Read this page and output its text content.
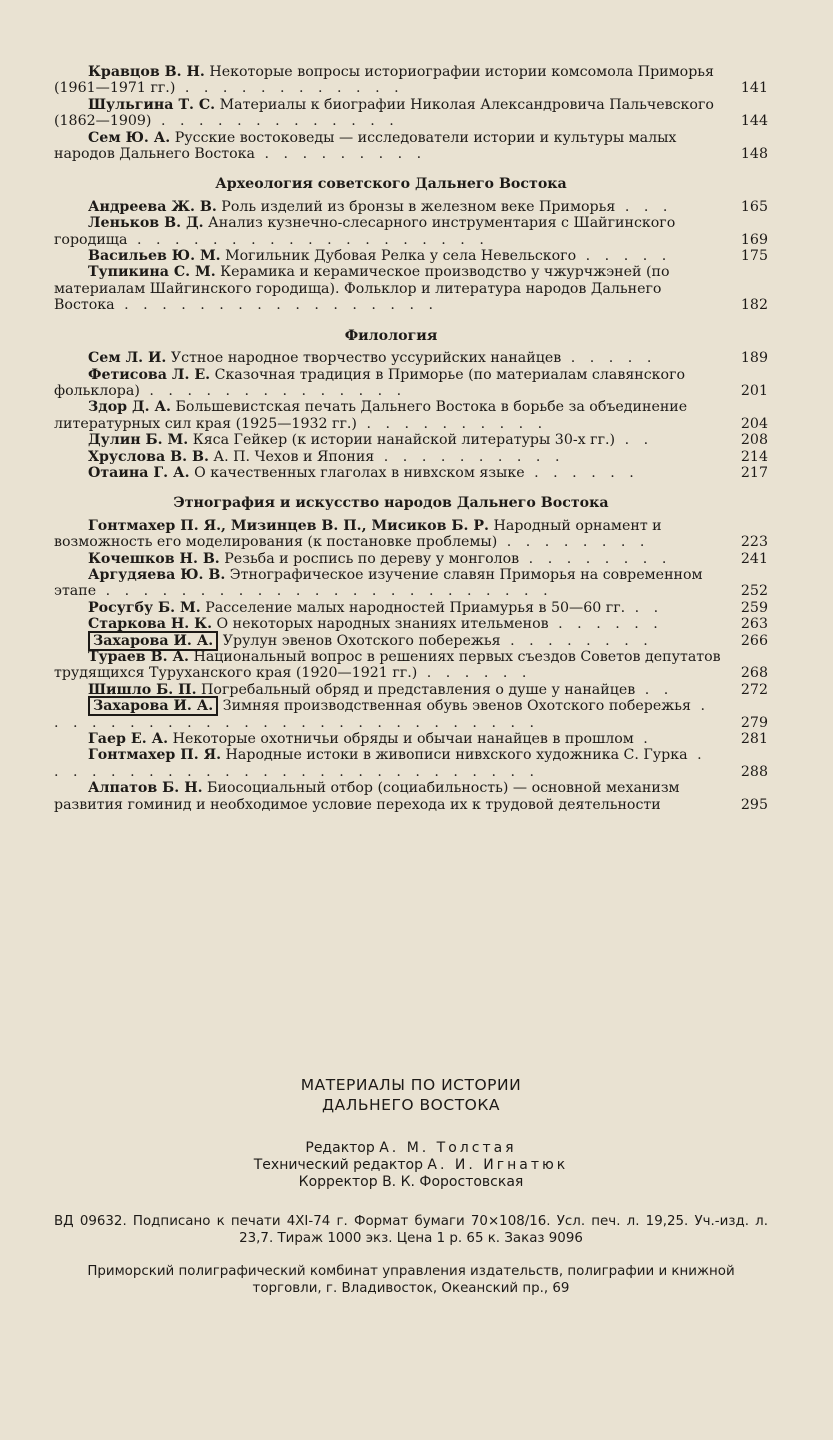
Кравцов В. Н. Некоторые вопросы историографии истории комсомола Приморья (1961—1971 гг.) . . . . . . . . . . . .	141
Шульгина Т. С. Материалы к биографии Николая Александровича Пальчевского (1862—1909) . . . . . . . . . . . . .	144
Сем Ю. А. Русские востоковеды — исследователи истории и культуры малых народов Дальнего Востока . . . . . . . . .	148
Археология советского Дальнего Востока
Андреева Ж. В. Роль изделий из бронзы в железном веке Приморья . . .	165
Леньков В. Д. Анализ кузнечно-слесарного инструментария с Шайгинского городища . . . . . . . . . . . . . . . . . . .	169
Васильев Ю. М. Могильник Дубовая Релка у села Невельского . . . . .	175
Тупикина С. М. Керамика и керамическое производство у чжурчжэней (по материалам Шайгинского городища). Фольклор и литература народов Дальнего Востока . . . . . . . . . . . . . . . . .	182
Филология
Сем Л. И. Устное народное творчество уссурийских нанайцев . . . . .	189
Фетисова Л. Е. Сказочная традиция в Приморье (по материалам славянского фольклора) . . . . . . . . . . . . . .	201
Здор Д. А. Большевистская печать Дальнего Востока в борьбе за объединение литературных сил края (1925—1932 гг.) . . . . . . . . . .	204
Дулин Б. М. Кяса Гейкер (к истории нанайской литературы 30-х гг.) . .	208
Хруслова В. В. А. П. Чехов и Япония . . . . . . . . . .	214
Отаина Г. А. О качественных глаголах в нивхском языке . . . . . .	217
Этнография и искусство народов Дальнего Востока
Гонтмахер П. Я., Мизинцев В. П., Мисиков Б. Р. Народный орнамент и возможность его моделирования (к постановке проблемы) . . . . . . . .	223
Кочешков Н. В. Резьба и роспись по дереву у монголов . . . . . . . .	241
Аргудяева Ю. В. Этнографическое изучение славян Приморья на современном этапе . . . . . . . . . . . . . . . . . . . . . . . .	252
Росугбу Б. М. Расселение малых народностей Приамурья в 50—60 гг. . .	259
Старкова Н. К. О некоторых народных знаниях ительменов . . . . . .	263
Захарова И. А. Урулун эвенов Охотского побережья . . . . . . . .	266
Тураев В. А. Национальный вопрос в решениях первых съездов Советов депутатов трудящихся Туруханского края (1920—1921 гг.) . . . . . .	268
Шишло Б. П. Погребальный обряд и представления о душе у нанайцев . .	272
Захарова И. А. Зимняя производственная обувь эвенов Охотского побережья . . . . . . . . . . . . . . . . . . . . . . . . . . .	279
Гаер Е. А. Некоторые охотничьи обряды и обычаи нанайцев в прошлом .	281
Гонтмахер П. Я. Народные истоки в живописи нивхского художника С. Гурка . . . . . . . . . . . . . . . . . . . . . . . . . . .	288
Алпатов Б. Н. Биосоциальный отбор (социабильность) — основной механизм развития гоминид и необходимое условие перехода их к трудовой деятельности	295
МАТЕРИАЛЫ ПО ИСТОРИИ
ДАЛЬНЕГО ВОСТОКА
Редактор А. М. Толстая
Технический редактор А. И. Игнатюк
Корректор В. К. Форостовская
ВД 09632. Подписано к печати 4XI-74 г. Формат бумаги 70×108/16. Усл. печ. л. 19,25. Уч.-изд. л. 23,7. Тираж 1000 экз. Цена 1 р. 65 к. Заказ 9096
Приморский полиграфический комбинат управления издательств, полиграфии и книжной торговли, г. Владивосток, Океанский пр., 69
